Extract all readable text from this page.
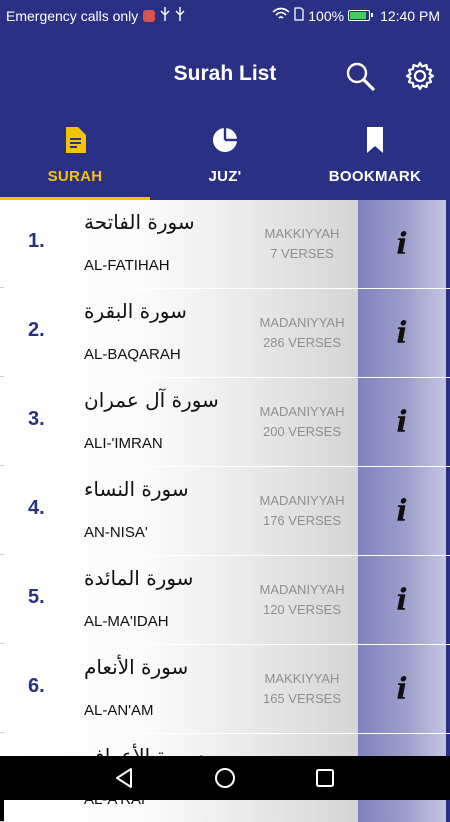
Emergency calls only	100%	12:40 PM
Surah List
SURAH	JUZ'	BOOKMARK
1.
سورة الفاتحة
AL-FATIHAH
MAKKIYYAH
7 VERSES	i
2.
سورة البقرة
AL-BAQARAH
MADANIYYAH
286 VERSES	i
3.
سورة آل عمران
ALI-'IMRAN
MADANIYYAH
200 VERSES	i
4.
سورة النساء
AN-NISA'
MADANIYYAH
176 VERSES	i
5.
سورة المائدة
AL-MA'IDAH
MADANIYYAH
120 VERSES	i
6.
سورة الأنعام
AL-AN'AM
MAKKIYYAH
165 VERSES	i
